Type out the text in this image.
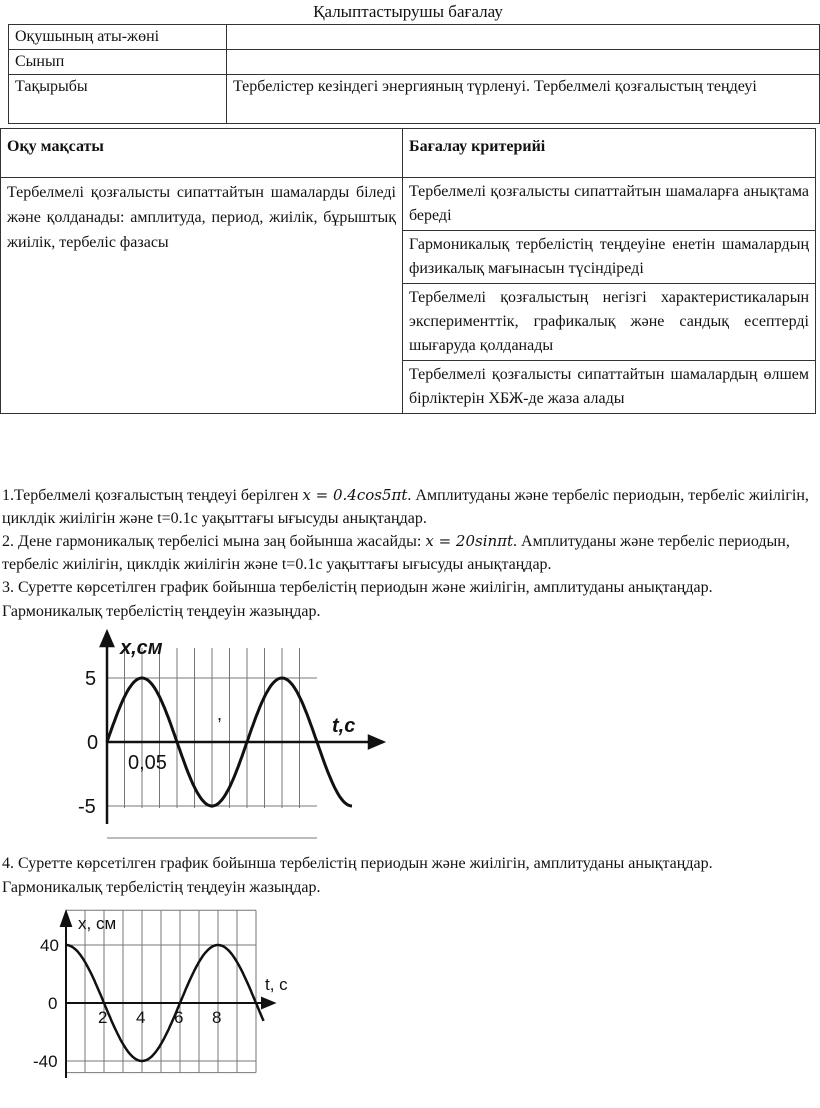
Қалыптастырушы бағалау
Оқушының аты-жөні	
Сынып	
Тақырыбы	Тербелістер кезіндегі энергияның түрленуі. Тербелмелі қозғалыстың теңдеуі
Оқу мақсаты	Бағалау критерийі
Тербелмелі қозғалысты сипаттайтын шамаларды біледі және қолданады: амплитуда, период, жиілік, бұрыштық жиілік, тербеліс фазасы	Тербелмелі қозғалысты сипаттайтын шамаларға анықтама береді
	Гармоникалық тербелістің теңдеуіне енетін шамалардың физикалық мағынасын түсіндіреді
	Тербелмелі қозғалыстың негізгі характеристикаларын эксперименттік, графикалық және сандық есептерді шығаруда қолданады
	Тербелмелі қозғалысты сипаттайтын шамалардың өлшем бірліктерін ХБЖ-де жаза алады
1.Тербелмелі қозғалыстың теңдеуі берілген x = 0.4cos5πt. Амплитуданы және тербеліс периодын, тербеліс жиілігін, циклдік жиілігін және t=0.1c уақыттағы ығысуды анықтаңдар.
2. Дене гармоникалық тербелісі мына заң бойынша жасайды: x = 20sinπt. Амплитуданы және тербеліс периодын, тербеліс жиілігін, циклдік жиілігін және t=0.1c уақыттағы ығысуды анықтаңдар.
3. Суретте көрсетілген график бойынша тербелістің периодын және жиілігін, амплитуданы анықтаңдар. Гармоникалық тербелістің теңдеуін жазыңдар.
x,см
t,с
5
0
-5
0,05
,
4. Суретте көрсетілген график бойынша тербелістің периодын және жиілігін, амплитуданы анықтаңдар. Гармоникалық тербелістің теңдеуін жазыңдар.
x, см
t, с
40
0
-40
2 4 6 8
